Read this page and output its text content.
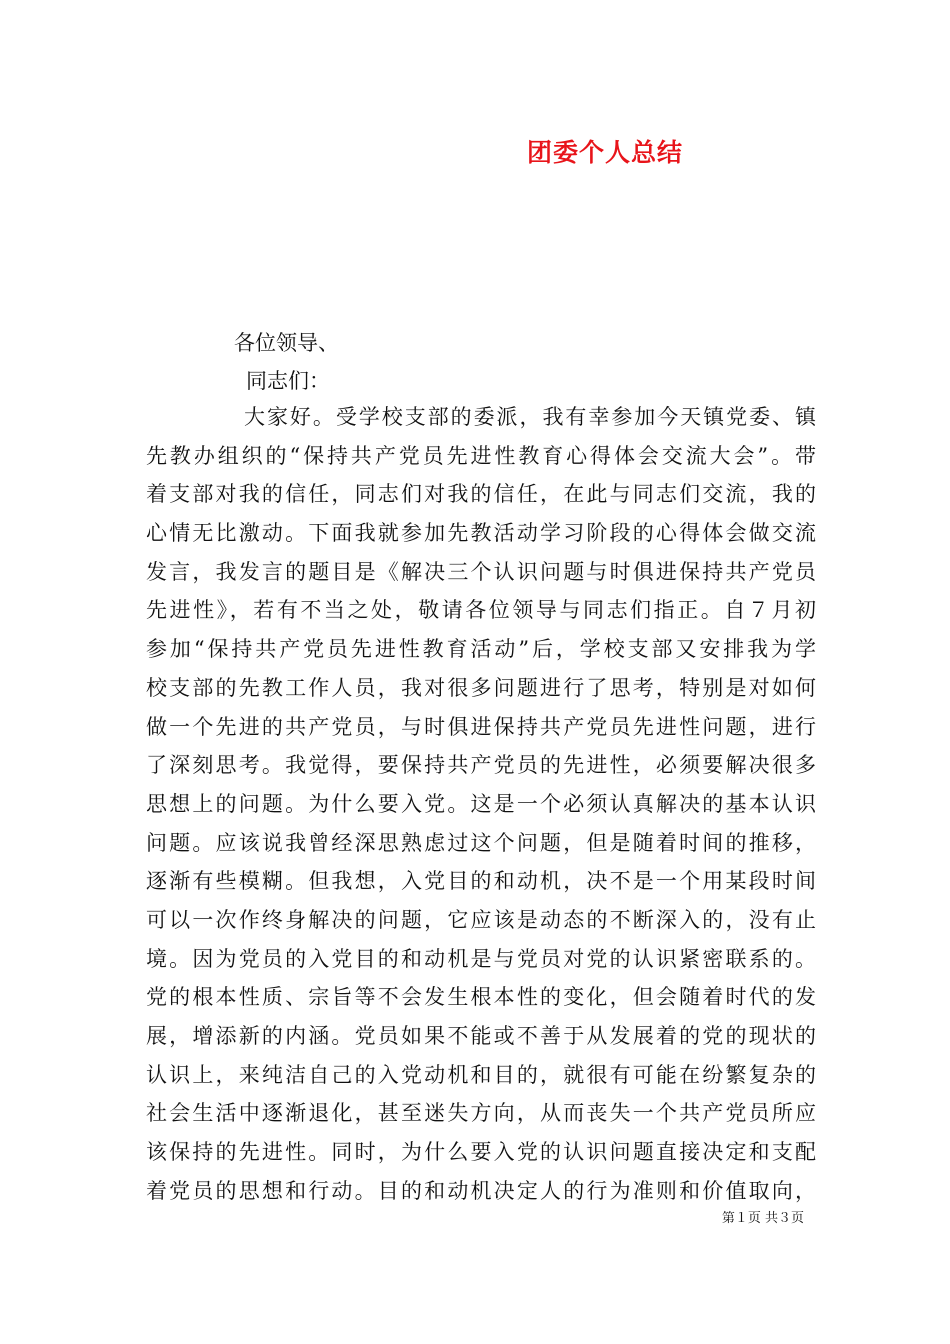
团委个人总结
各位领导、
同志们：
大家好。受学校支部的委派，我有幸参加今天镇党委、镇
先教办组织的“保持共产党员先进性教育心得体会交流大会”。带
着支部对我的信任，同志们对我的信任，在此与同志们交流，我的
心情无比激动。下面我就参加先教活动学习阶段的心得体会做交流
发言，我发言的题目是《解决三个认识问题与时俱进保持共产党员
先进性》，若有不当之处，敬请各位领导与同志们指正。自７月初
参加“保持共产党员先进性教育活动”后，学校支部又安排我为学
校支部的先教工作人员，我对很多问题进行了思考，特别是对如何
做一个先进的共产党员，与时俱进保持共产党员先进性问题，进行
了深刻思考。我觉得，要保持共产党员的先进性，必须要解决很多
思想上的问题。为什么要入党。这是一个必须认真解决的基本认识
问题。应该说我曾经深思熟虑过这个问题，但是随着时间的推移，
逐渐有些模糊。但我想，入党目的和动机，决不是一个用某段时间
可以一次作终身解决的问题，它应该是动态的不断深入的，没有止
境。因为党员的入党目的和动机是与党员对党的认识紧密联系的。
党的根本性质、宗旨等不会发生根本性的变化，但会随着时代的发
展，增添新的内涵。党员如果不能或不善于从发展着的党的现状的
认识上，来纯洁自己的入党动机和目的，就很有可能在纷繁复杂的
社会生活中逐渐退化，甚至迷失方向，从而丧失一个共产党员所应
该保持的先进性。同时，为什么要入党的认识问题直接决定和支配
着党员的思想和行动。目的和动机决定人的行为准则和价值取向，
第１页 共３页
